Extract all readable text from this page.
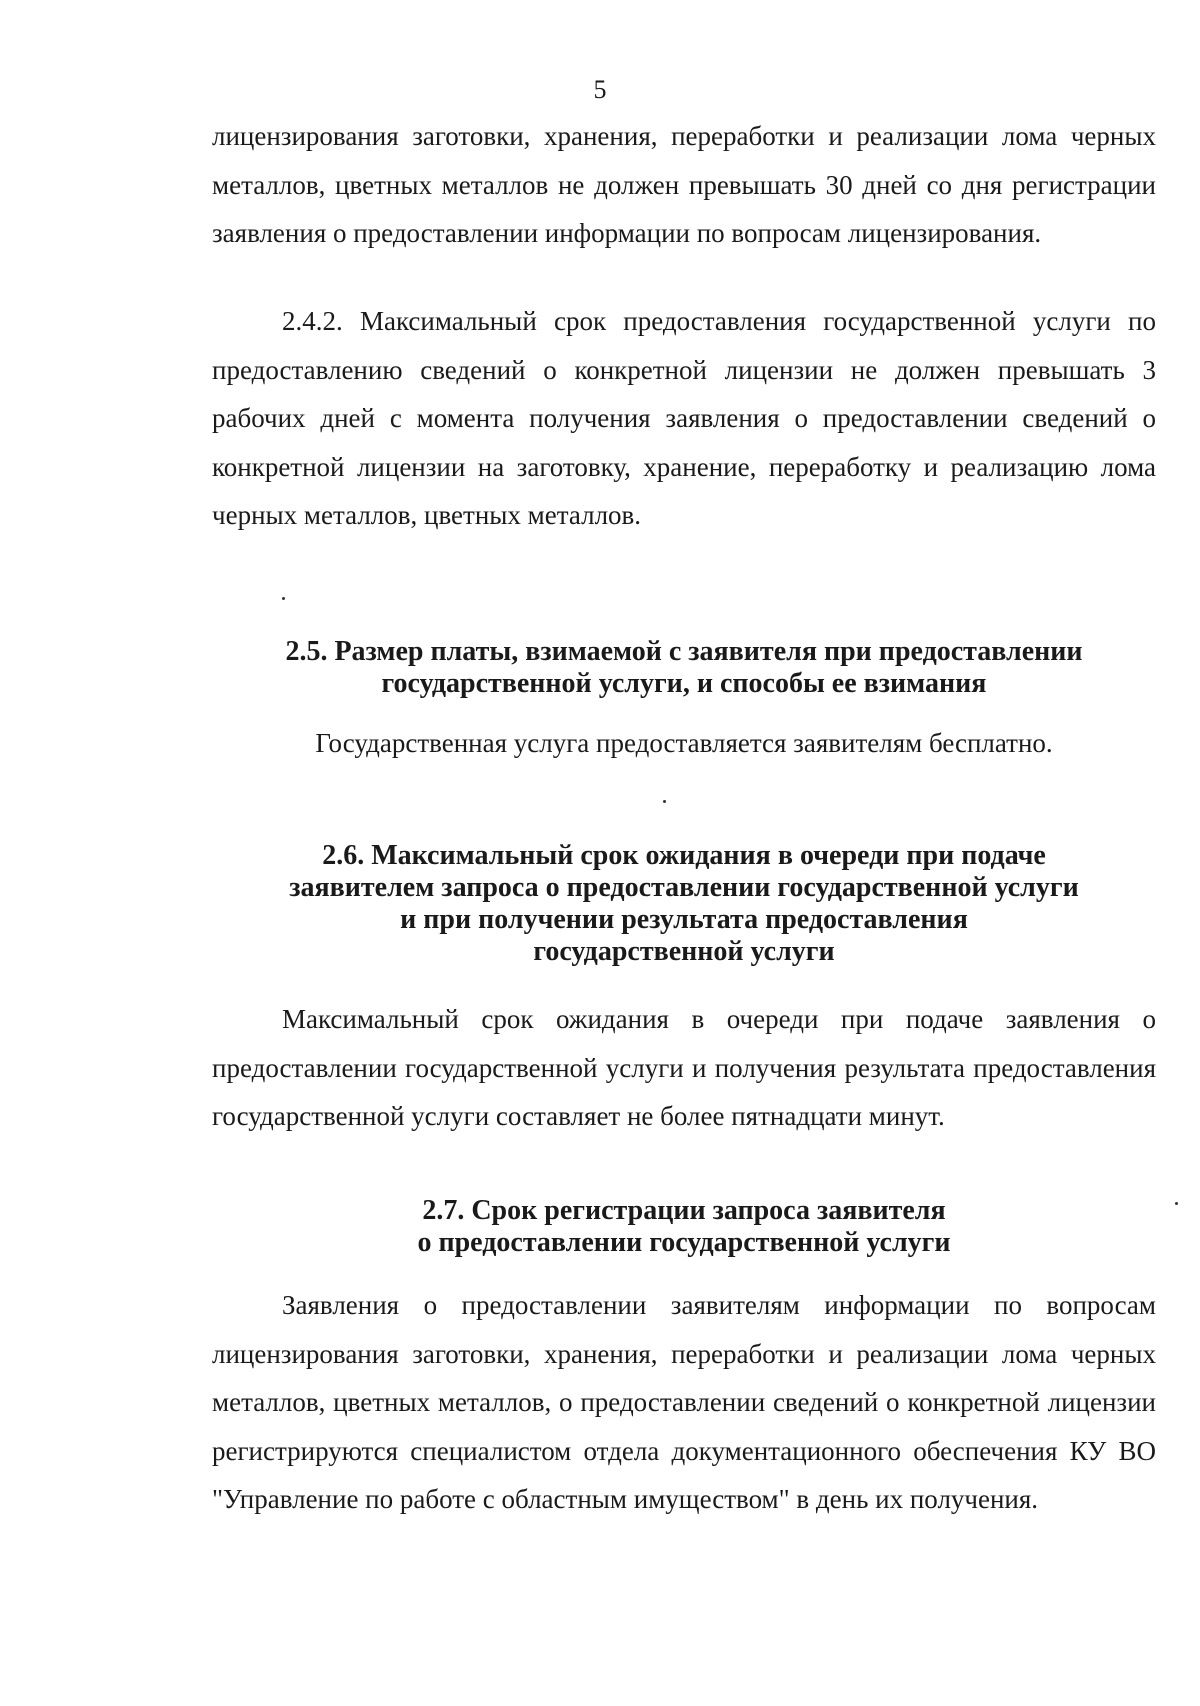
5

лицензирования заготовки, хранения, переработки и реализации лома черных металлов, цветных металлов не должен превышать 30 дней со дня регистрации заявления о предоставлении информации по вопросам лицензирования.

2.4.2. Максимальный срок предоставления государственной услуги по предоставлению сведений о конкретной лицензии не должен превышать 3 рабочих дней с момента получения заявления о предоставлении сведений о конкретной лицензии на заготовку, хранение, переработку и реализацию лома черных металлов, цветных металлов.

2.5. Размер платы, взимаемой с заявителя при предоставлении
государственной услуги, и способы ее взимания
Государственная услуга предоставляется заявителям бесплатно.
2.6. Максимальный срок ожидания в очереди при подаче
заявителем запроса о предоставлении государственной услуги
и при получении результата предоставления
государственной услуги

Максимальный срок ожидания в очереди при подаче заявления о предоставлении государственной услуги и получения результата предоставления государственной услуги составляет не более пятнадцати минут.

2.7. Срок регистрации запроса заявителя
о предоставлении государственной услуги

Заявления о предоставлении заявителям информации по вопросам лицензирования заготовки, хранения, переработки и реализации лома черных металлов, цветных металлов, о предоставлении сведений о конкретной лицензии регистрируются специалистом отдела документационного обеспечения КУ ВО "Управление по работе с областным имуществом" в день их получения.
